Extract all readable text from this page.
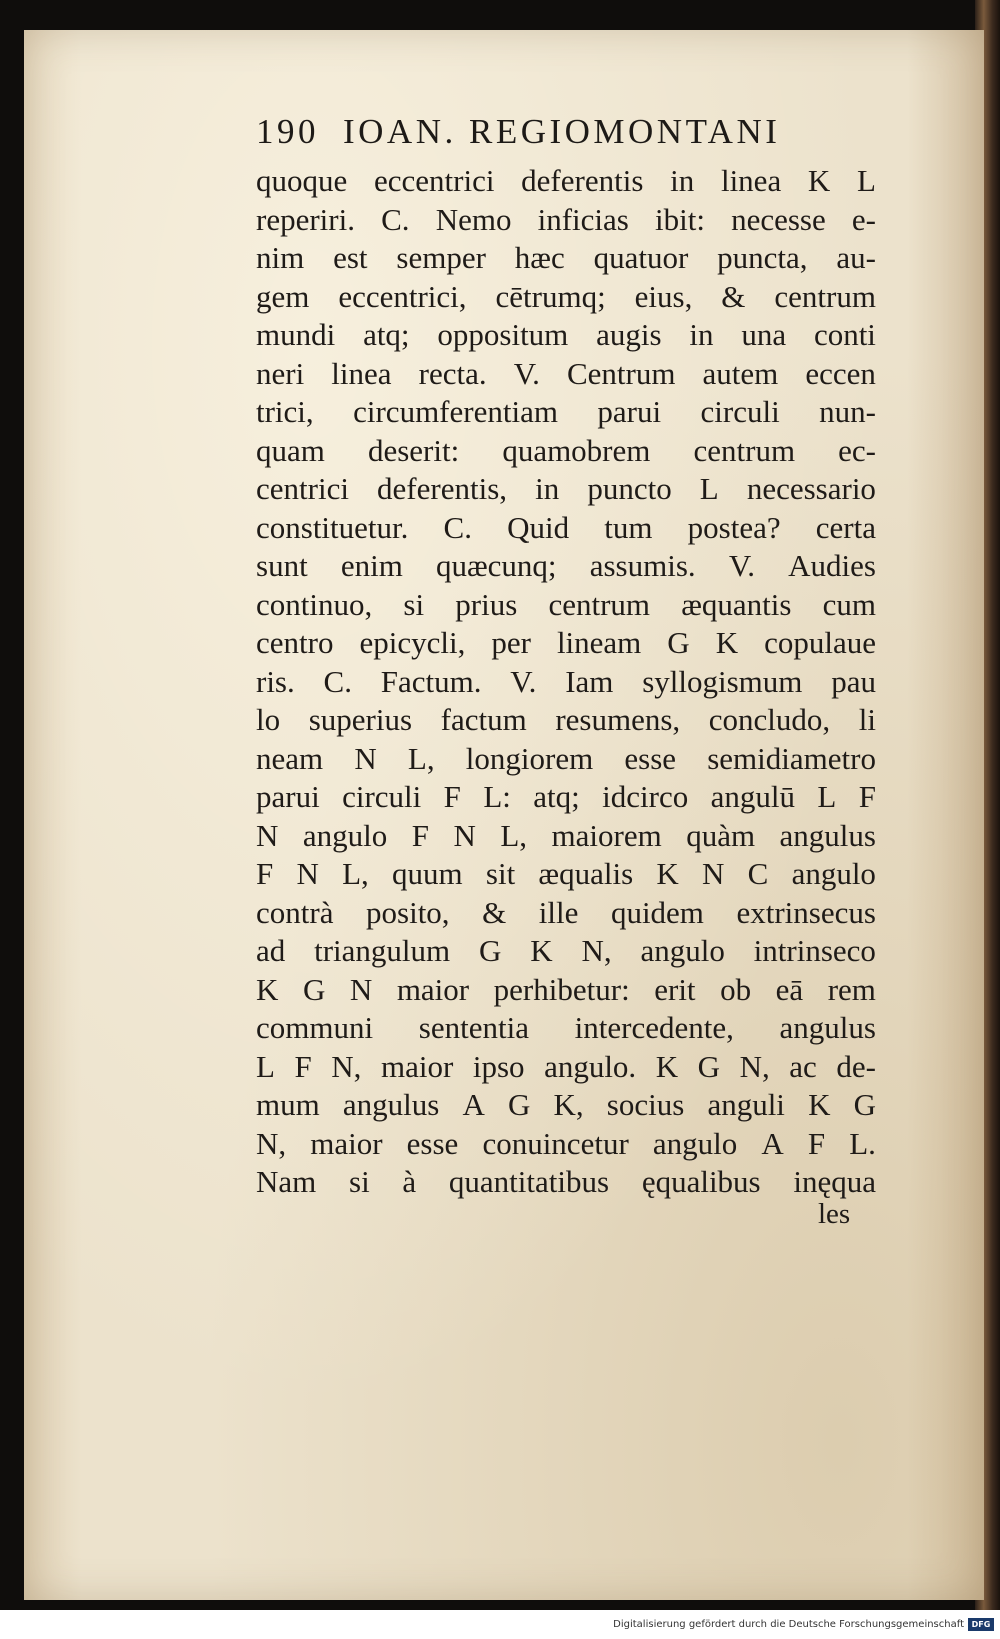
190 IOAN. REGIOMONTANI
quoque eccentrici deferentis in linea K L
reperiri. C. Nemo inficias ibit: necesse e-
nim est semper hæc quatuor puncta, au-
gem eccentrici, cētrumq; eius, & centrum
mundi atq; oppositum augis in una conti
neri linea recta. V. Centrum autem eccen
trici, circumferentiam parui circuli nun-
quam deserit: quamobrem centrum ec-
centrici deferentis, in puncto L necessario
constituetur. C. Quid tum postea? certa
sunt enim quæcunq; assumis. V. Audies
continuo, si prius centrum æquantis cum
centro epicycli, per lineam G K copulaue
ris. C. Factum. V. Iam syllogismum pau
lo superius factum resumens, concludo, li
neam N L, longiorem esse semidiametro
parui circuli F L: atq; idcirco angulū L F
N angulo F N L, maiorem quàm angulus
F N L, quum sit æqualis K N C angulo
contrà posito, & ille quidem extrinsecus
ad triangulum G K N, angulo intrinseco
K G N maior perhibetur: erit ob eā rem
communi sententia intercedente, angulus
L F N, maior ipso angulo. K G N, ac de-
mum angulus A G K, socius anguli K G
N, maior esse conuincetur angulo A F L.
Nam si à quantitatibus ęqualibus inęqua
les
Digitalisierung gefördert durch die Deutsche Forschungsgemeinschaft DFG
